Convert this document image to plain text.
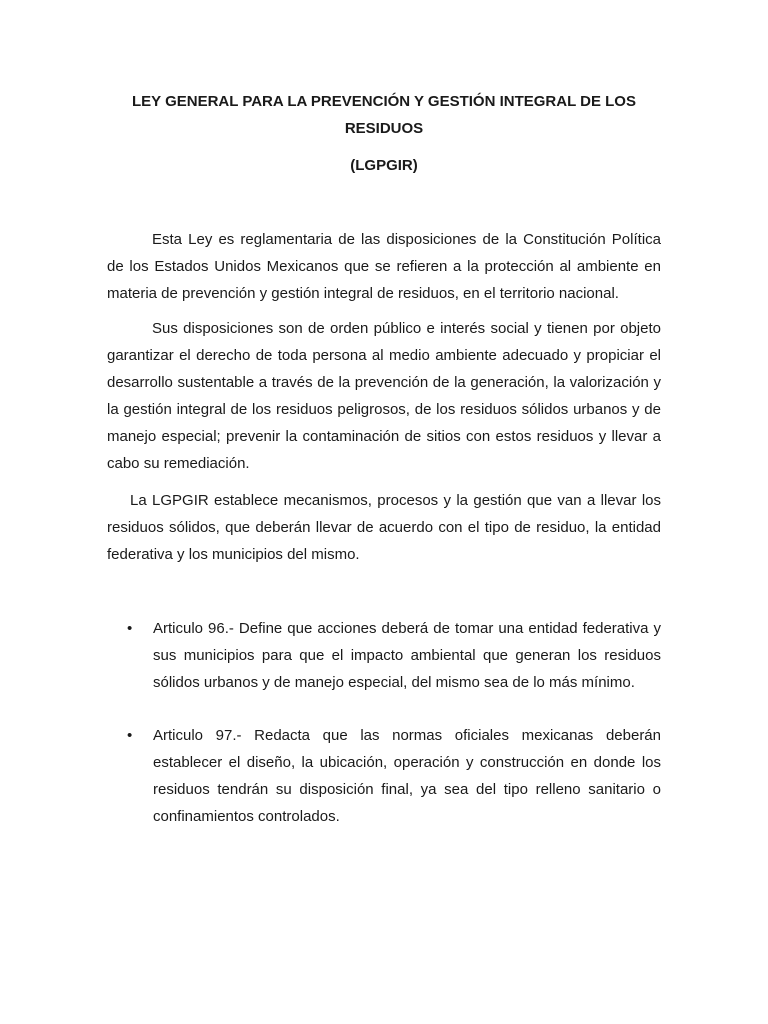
LEY GENERAL PARA LA PREVENCIÓN Y GESTIÓN INTEGRAL DE LOS RESIDUOS
(LGPGIR)

Esta Ley es reglamentaria de las disposiciones de la Constitución Política de los Estados Unidos Mexicanos que se refieren a la protección al ambiente en materia de prevención y gestión integral de residuos, en el territorio nacional.

Sus disposiciones son de orden público e interés social y tienen por objeto garantizar el derecho de toda persona al medio ambiente adecuado y propiciar el desarrollo sustentable a través de la prevención de la generación, la valorización y la gestión integral de los residuos peligrosos, de los residuos sólidos urbanos y de manejo especial; prevenir la contaminación de sitios con estos residuos y llevar a cabo su remediación.

La LGPGIR establece mecanismos, procesos y la gestión que van a llevar los residuos sólidos, que deberán llevar de acuerdo con el tipo de residuo, la entidad federativa y los municipios del mismo.

• Articulo 96.- Define que acciones deberá de tomar una entidad federativa y sus municipios para que el impacto ambiental que generan los residuos sólidos urbanos y de manejo especial, del mismo sea de lo más mínimo.

• Articulo 97.- Redacta que las normas oficiales mexicanas deberán establecer el diseño, la ubicación, operación y construcción en donde los residuos tendrán su disposición final, ya sea del tipo relleno sanitario o confinamientos controlados.
